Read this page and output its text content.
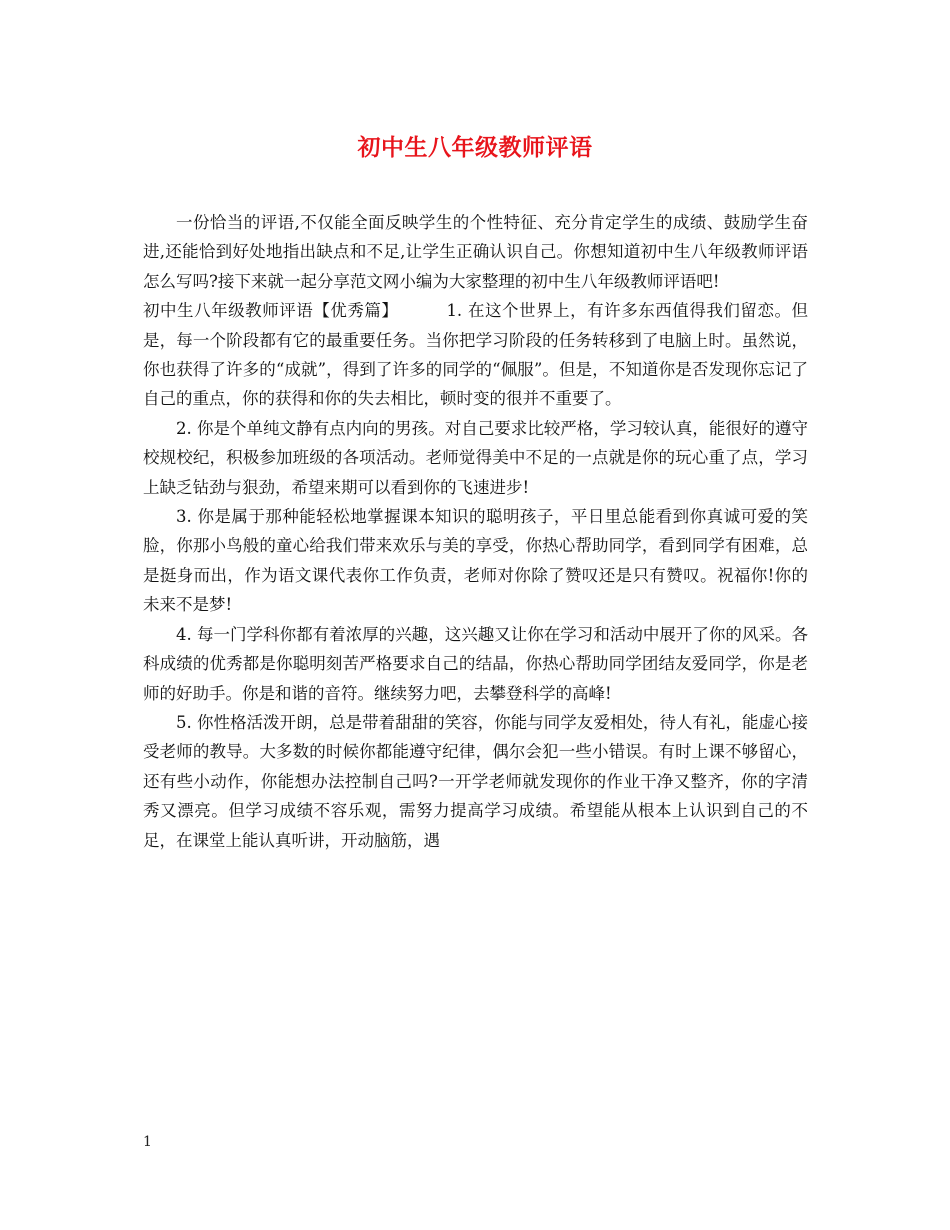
初中生八年级教师评语

一份恰当的评语,不仅能全面反映学生的个性特征、充分肯定学生的成绩、鼓励学生奋进,还能恰到好处地指出缺点和不足,让学生正确认识自己。你想知道初中生八年级教师评语怎么写吗?接下来就一起分享范文网小编为大家整理的初中生八年级教师评语吧!

初中生八年级教师评语【优秀篇】	1. 在这个世界上，有许多东西值得我们留恋。但是，每一个阶段都有它的最重要任务。当你把学习阶段的任务转移到了电脑上时。虽然说，你也获得了许多的“成就”，得到了许多的同学的“佩服”。但是，不知道你是否发现你忘记了自己的重点，你的获得和你的失去相比，顿时变的很并不重要了。

2. 你是个单纯文静有点内向的男孩。对自己要求比较严格，学习较认真，能很好的遵守校规校纪，积极参加班级的各项活动。老师觉得美中不足的一点就是你的玩心重了点，学习上缺乏钻劲与狠劲，希望来期可以看到你的飞速进步!

3. 你是属于那种能轻松地掌握课本知识的聪明孩子，平日里总能看到你真诚可爱的笑脸，你那小鸟般的童心给我们带来欢乐与美的享受，你热心帮助同学，看到同学有困难，总是挺身而出，作为语文课代表你工作负责，老师对你除了赞叹还是只有赞叹。祝福你!你的未来不是梦!

4. 每一门学科你都有着浓厚的兴趣，这兴趣又让你在学习和活动中展开了你的风采。各科成绩的优秀都是你聪明刻苦严格要求自己的结晶，你热心帮助同学团结友爱同学，你是老师的好助手。你是和谐的音符。继续努力吧，去攀登科学的高峰!

5. 你性格活泼开朗，总是带着甜甜的笑容，你能与同学友爱相处，待人有礼，能虚心接受老师的教导。大多数的时候你都能遵守纪律，偶尔会犯一些小错误。有时上课不够留心，还有些小动作，你能想办法控制自己吗?一开学老师就发现你的作业干净又整齐，你的字清秀又漂亮。但学习成绩不容乐观，需努力提高学习成绩。希望能从根本上认识到自己的不足，在课堂上能认真听讲，开动脑筋，遇

1
